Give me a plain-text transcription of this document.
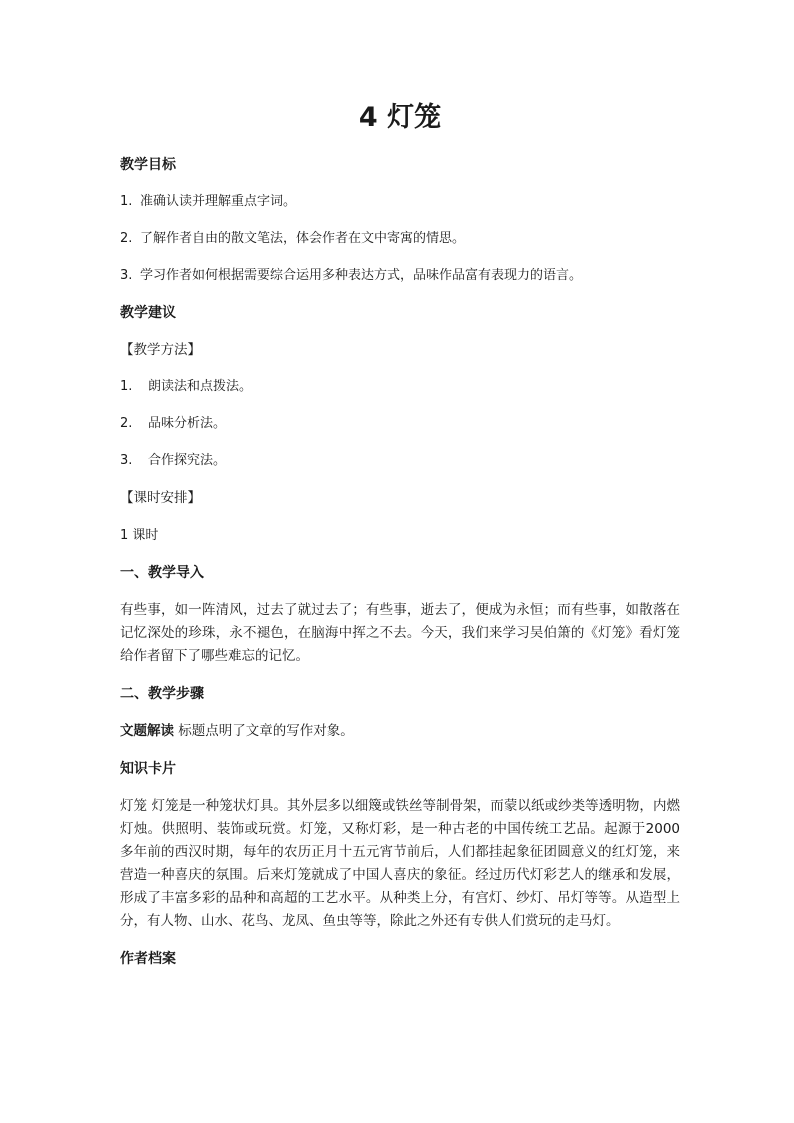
4 灯笼
教学目标
1. 准确认读并理解重点字词。
2. 了解作者自由的散文笔法，体会作者在文中寄寓的情思。
3. 学习作者如何根据需要综合运用多种表达方式，品味作品富有表现力的语言。
教学建议
【教学方法】
1.	朗读法和点拨法。
2.	品味分析法。
3.	合作探究法。
【课时安排】
1 课时
一、教学导入
有些事，如一阵清风，过去了就过去了；有些事，逝去了，便成为永恒；而有些事，如散落在记忆深处的珍珠，永不褪色，在脑海中挥之不去。今天，我们来学习吴伯箫的《灯笼》看灯笼给作者留下了哪些难忘的记忆。
二、教学步骤
文题解读 标题点明了文章的写作对象。
知识卡片
灯笼 灯笼是一种笼状灯具。其外层多以细篾或铁丝等制骨架，而蒙以纸或纱类等透明物，内燃灯烛。供照明、装饰或玩赏。灯笼，又称灯彩，是一种古老的中国传统工艺品。起源于2000 多年前的西汉时期，每年的农历正月十五元宵节前后，人们都挂起象征团圆意义的红灯笼，来营造一种喜庆的氛围。后来灯笼就成了中国人喜庆的象征。经过历代灯彩艺人的继承和发展，形成了丰富多彩的品种和高超的工艺水平。从种类上分，有宫灯、纱灯、吊灯等等。从造型上分，有人物、山水、花鸟、龙凤、鱼虫等等，除此之外还有专供人们赏玩的走马灯。
作者档案
